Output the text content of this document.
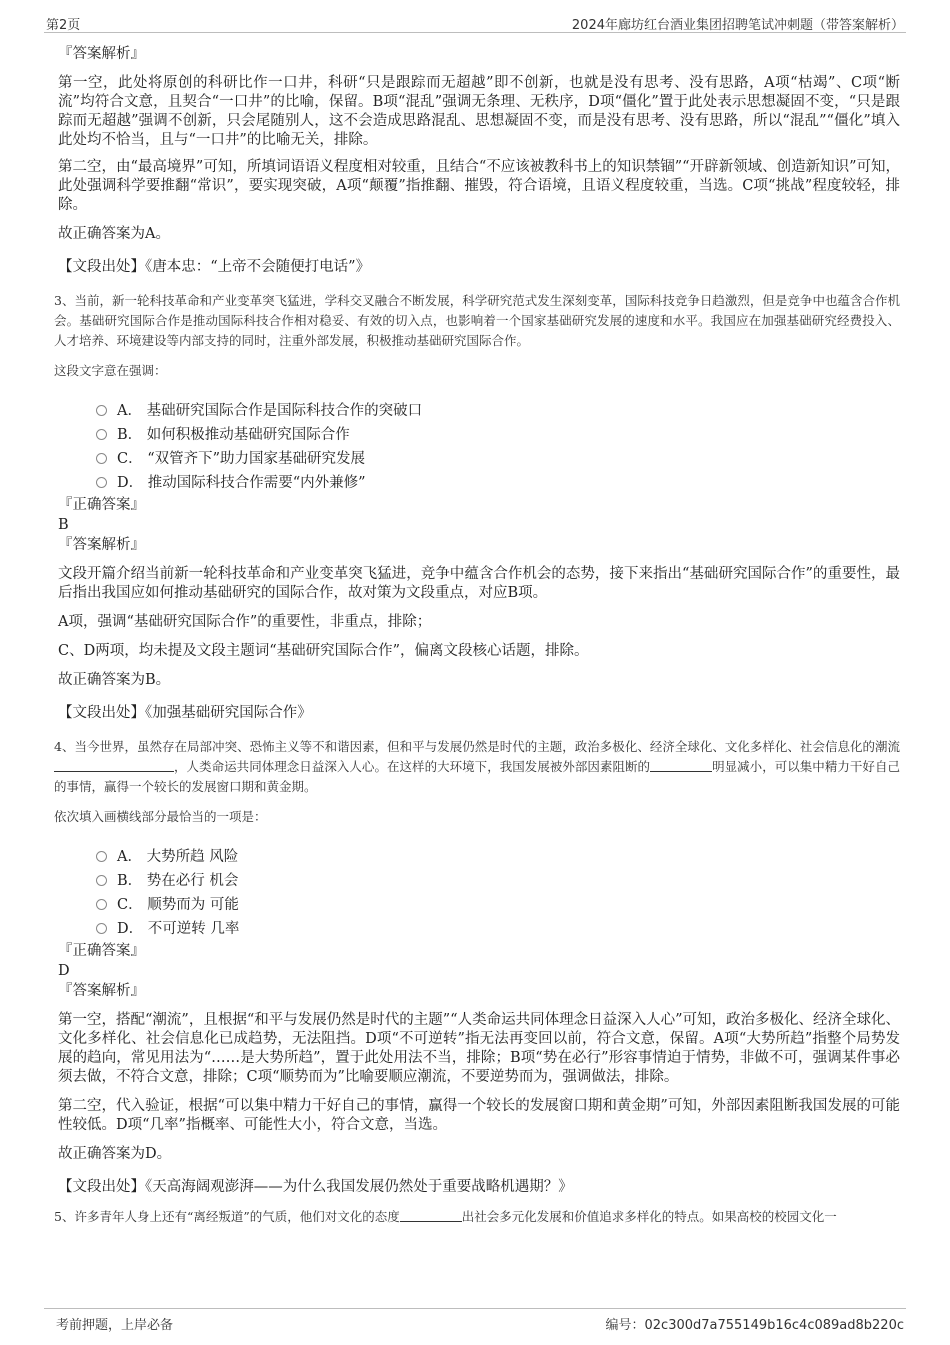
第2页	2024年廊坊红台酒业集团招聘笔试冲刺题（带答案解析）
『答案解析』
第一空，此处将原创的科研比作一口井，科研“只是跟踪而无超越”即不创新，也就是没有思考、没有思路，A项“枯竭”、C项“断流”均符合文意，且契合“一口井”的比喻，保留。B项“混乱”强调无条理、无秩序，D项“僵化”置于此处表示思想凝固不变，“只是跟踪而无超越”强调不创新，只会尾随别人，这不会造成思路混乱、思想凝固不变，而是没有思考、没有思路，所以“混乱”“僵化”填入此处均不恰当，且与“一口井”的比喻无关，排除。
第二空，由“最高境界”可知，所填词语语义程度相对较重，且结合“不应该被教科书上的知识禁锢”“开辟新领域、创造新知识”可知，此处强调科学要推翻“常识”，要实现突破，A项“颠覆”指推翻、摧毁，符合语境，且语义程度较重，当选。C项“挑战”程度较轻，排除。
故正确答案为A。
【文段出处】《唐本忠：“上帝不会随便打电话”》
3、当前，新一轮科技革命和产业变革突飞猛进，学科交叉融合不断发展，科学研究范式发生深刻变革，国际科技竞争日趋激烈，但是竞争中也蕴含合作机会。基础研究国际合作是推动国际科技合作相对稳妥、有效的切入点，也影响着一个国家基础研究发展的速度和水平。我国应在加强基础研究经费投入、人才培养、环境建设等内部支持的同时，注重外部发展，积极推动基础研究国际合作。
这段文字意在强调：
A． 基础研究国际合作是国际科技合作的突破口
B． 如何积极推动基础研究国际合作
C． “双管齐下”助力国家基础研究发展
D． 推动国际科技合作需要“内外兼修”
『正确答案』
B
『答案解析』
文段开篇介绍当前新一轮科技革命和产业变革突飞猛进，竞争中蕴含合作机会的态势，接下来指出“基础研究国际合作”的重要性，最后指出我国应如何推动基础研究的国际合作，故对策为文段重点，对应B项。
A项，强调“基础研究国际合作”的重要性，非重点，排除；
C、D两项，均未提及文段主题词“基础研究国际合作”，偏离文段核心话题，排除。
故正确答案为B。
【文段出处】《加强基础研究国际合作》
4、当今世界，虽然存在局部冲突、恐怖主义等不和谐因素，但和平与发展仍然是时代的主题，政治多极化、经济全球化、文化多样化、社会信息化的潮流，人类命运共同体理念日益深入人心。在这样的大环境下，我国发展被外部因素阻断的	明显减小，可以集中精力干好自己的事情，赢得一个较长的发展窗口期和黄金期。
依次填入画横线部分最恰当的一项是：
A． 大势所趋 风险
B． 势在必行 机会
C． 顺势而为 可能
D． 不可逆转 几率
『正确答案』
D
『答案解析』
第一空，搭配“潮流”，且根据“和平与发展仍然是时代的主题”“人类命运共同体理念日益深入人心”可知，政治多极化、经济全球化、文化多样化、社会信息化已成趋势，无法阻挡。D项“不可逆转”指无法再变回以前，符合文意，保留。A项“大势所趋”指整个局势发展的趋向，常见用法为“……是大势所趋”，置于此处用法不当，排除；B项“势在必行”形容事情迫于情势，非做不可，强调某件事必须去做，不符合文意，排除；C项“顺势而为”比喻要顺应潮流，不要逆势而为，强调做法，排除。
第二空，代入验证，根据“可以集中精力干好自己的事情，赢得一个较长的发展窗口期和黄金期”可知，外部因素阻断我国发展的可能性较低。D项“几率”指概率、可能性大小，符合文意，当选。
故正确答案为D。
【文段出处】《天高海阔观澎湃——为什么我国发展仍然处于重要战略机遇期？》
5、许多青年人身上还有“离经叛道”的气质，他们对文化的态度	出社会多元化发展和价值追求多样化的特点。如果高校的校园文化一
考前押题，上岸必备	编号：02c300d7a755149b16c4c089ad8b220c
